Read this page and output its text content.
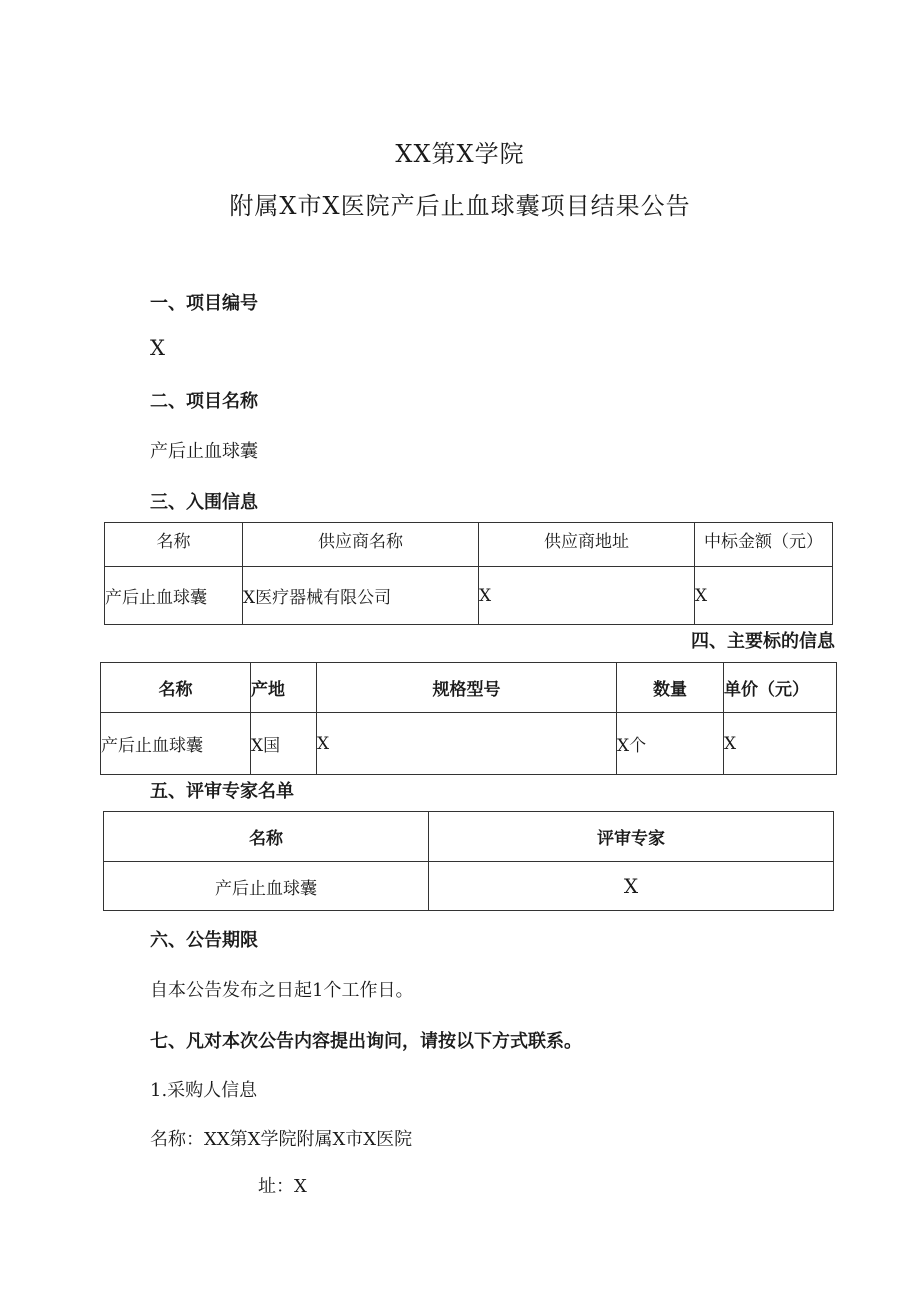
XX第X学院
附属X市X医院产后止血球囊项目结果公告
一、项目编号
X
二、项目名称
产后止血球囊
三、入围信息
名称	供应商名称	供应商地址	中标金额（元）
产后止血球囊	X医疗器械有限公司	X	X
四、主要标的信息
名称	产地	规格型号	数量	单价（元）
产后止血球囊	X国	X	X个	X
五、评审专家名单
名称	评审专家
产后止血球囊	X
六、公告期限
自本公告发布之日起1个工作日。
七、凡对本次公告内容提出询问，请按以下方式联系。
1.采购人信息
名称：XX第X学院附属X市X医院
址：X
